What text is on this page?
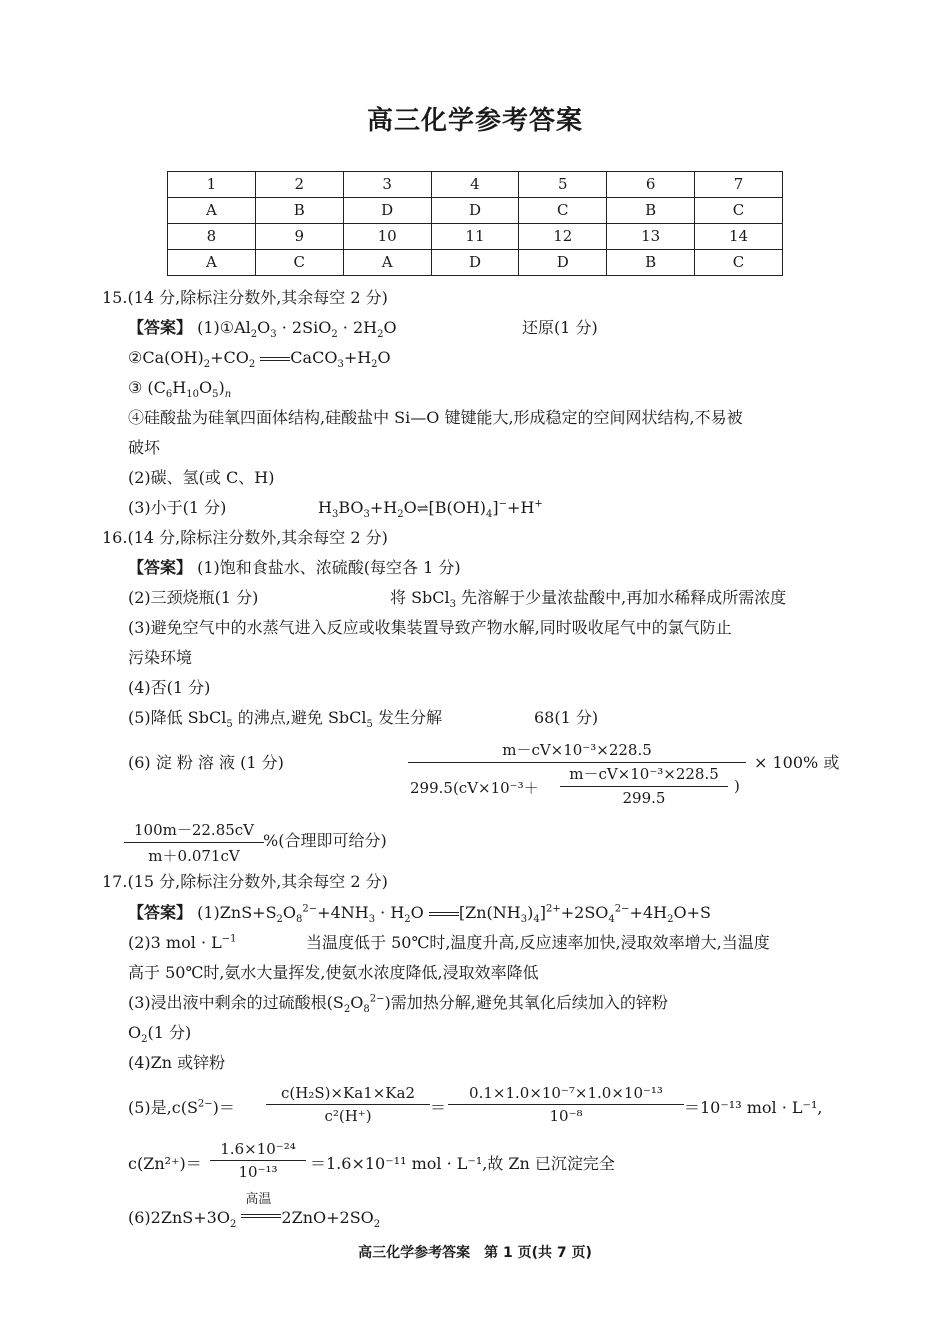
高三化学参考答案
1	2	3	4	5	6	7
A	B	D	D	C	B	C
8	9	10	11	12	13	14
A	C	A	D	D	B	C
15.(14 分,除标注分数外,其余每空 2 分)
【答案】 $(1)①Al_2O_3 \cdot 2SiO_2 \cdot 2H_2O$	还原(1 分)
$②Ca(OH)_2+CO_2$ $CaCO_3+H_2O$
③ $(C_6H_{10}O_5)_n$
④硅酸盐为硅氧四面体结构,硅酸盐中 Si—O 键键能大,形成稳定的空间网状结构,不易被
破坏
(2)碳、氢(或 C、H)
(3)小于(1 分)	$H_3BO_3+H_2O\rightleftharpoons[B(OH)_4]^-+H^+$
16.(14 分,除标注分数外,其余每空 2 分)
【答案】 (1)饱和食盐水、浓硫酸(每空各 1 分)
(2)三颈烧瓶(1 分)	将 SbCl$_3$ 先溶解于少量浓盐酸中,再加水稀释成所需浓度
(3)避免空气中的水蒸气进入反应或收集装置导致产物水解,同时吸收尾气中的氯气防止
污染环境
(4)否(1 分)
(5)降低 SbCl$_5$ 的沸点,避免 SbCl$_5$ 发生分解	68(1 分)
(6) 淀 粉 溶 液 (1 分)
m－cV×10⁻³×228.5
299.5(cV×10⁻³＋
m－cV×10⁻³×228.5
299.5
)
× 100% 或
$\frac{100m-22.85cV}{m+0.071cV}$ %(合理即可给分)
17.(15 分,除标注分数外,其余每空 2 分)
【答案】 $(1)ZnS+S_2O_8^{2-}+4NH_3 \cdot H_2O$ $[Zn(NH_3)_4]^{2+}+2SO_4^{2-}+4H_2O+S$
(2)3 mol · $L^{-1}$	当温度低于 50℃时,温度升高,反应速率加快,浸取效率增大,当温度
高于 50℃时,氨水大量挥发,使氨水浓度降低,浸取效率降低
(3)浸出液中剩余的过硫酸根$(S_2O_8^{2-})$需加热分解,避免其氧化后续加入的锌粉
$O_2(1$ 分)
(4)Zn 或锌粉
(5)是$,c(S^{2-})= \frac{\text{c(H₂S)×Ka1×Ka2}}{\text{c²(H⁺)}} = \frac{\text{0.1×1.0×10⁻⁷×1.0×10⁻¹³}}{\text{10⁻⁸}} =10^{-13}$ mol · L⁻¹,
$c(Zn^{2+})= \frac{\text{1.6×10⁻²⁴}}{\text{10⁻¹³}} =1.6\times 10^{-11}$ mol · L⁻¹,故 Zn 已沉淀完全
$(6)2ZnS+3O_2$
高温
$2ZnO+2SO_2$
高三化学参考答案　第 1 页(共 7 页)
